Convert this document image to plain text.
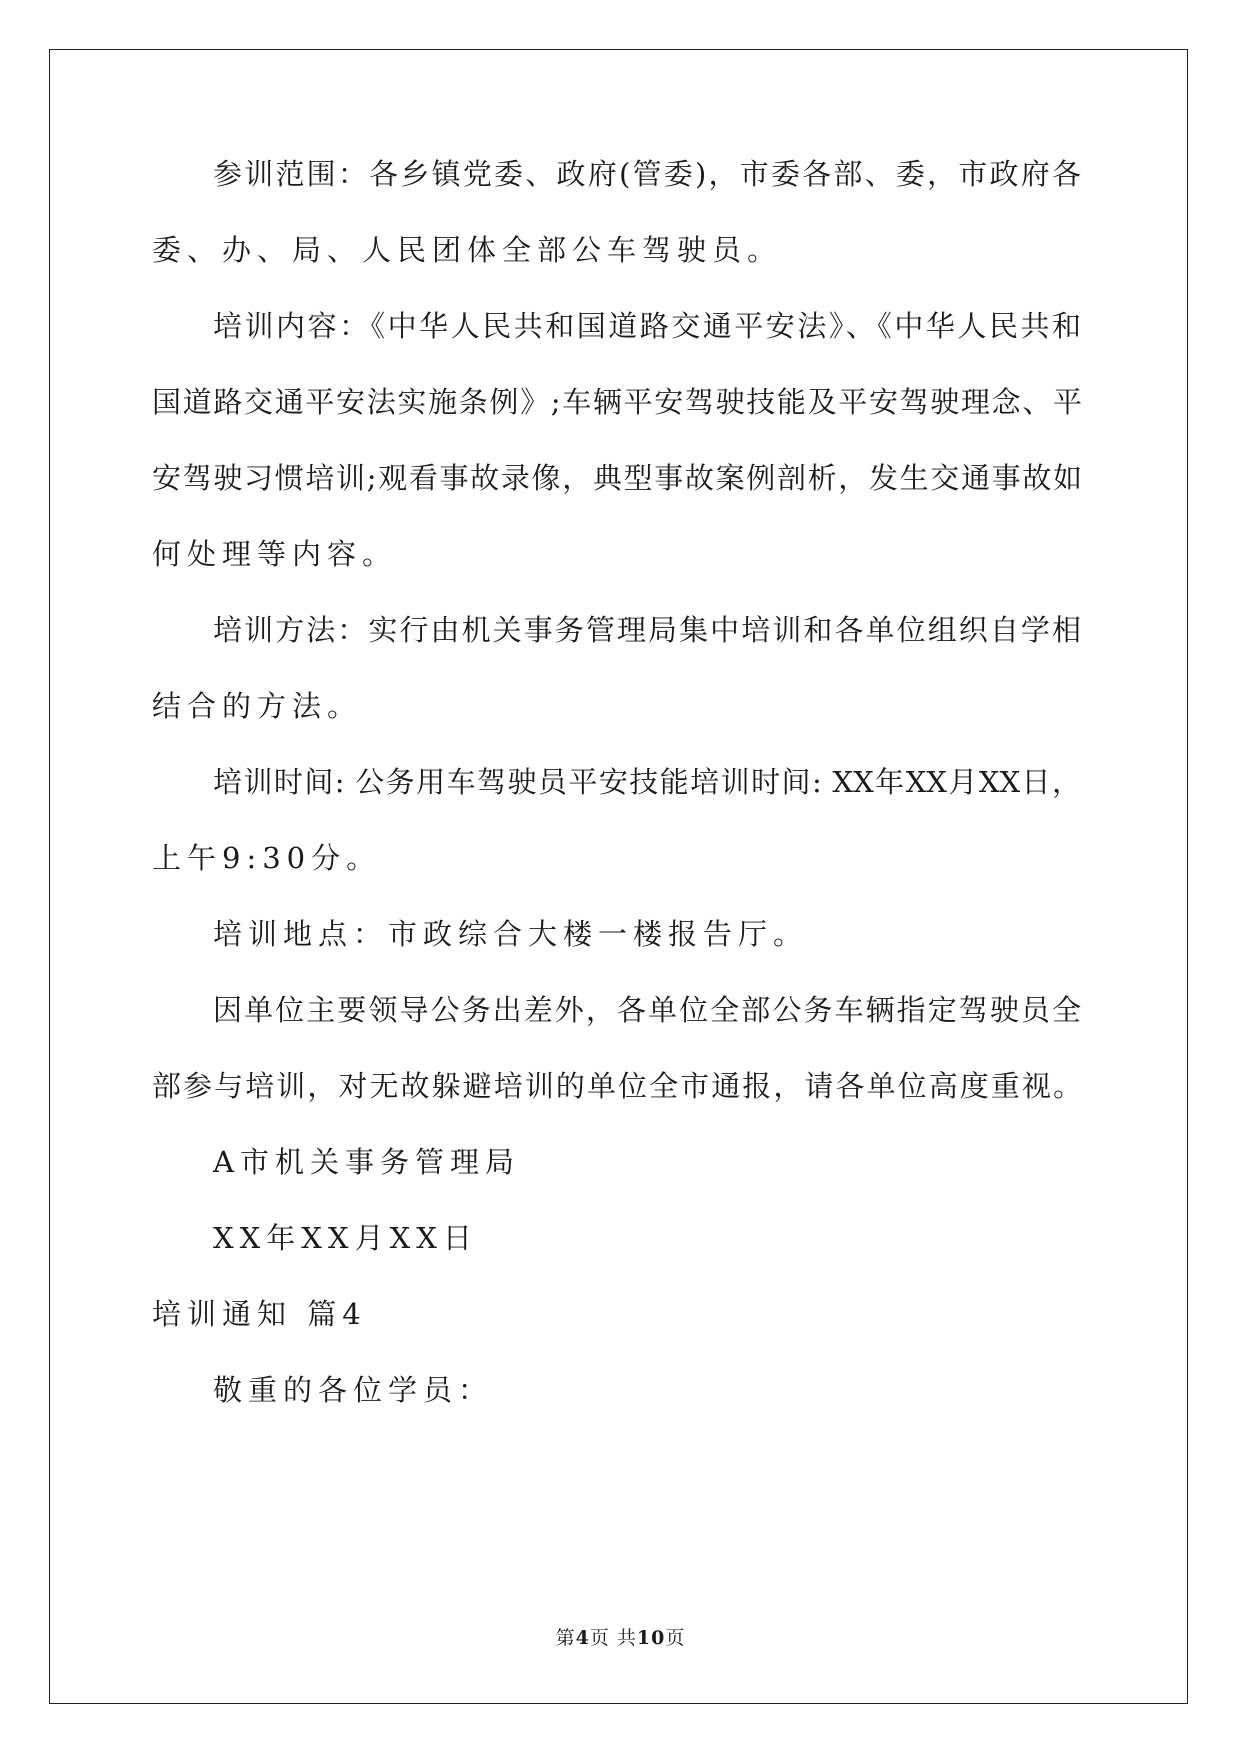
参训范围：各乡镇党委、政府(管委)，市委各部、委，市政府各
委、办、局、人民团体全部公车驾驶员。
培训内容：《中华人民共和国道路交通平安法》、《中华人民共和
国道路交通平安法实施条例》;车辆平安驾驶技能及平安驾驶理念、平
安驾驶习惯培训;观看事故录像，典型事故案例剖析，发生交通事故如
何处理等内容。
培训方法：实行由机关事务管理局集中培训和各单位组织自学相
结合的方法。
培训时间: 公务用车驾驶员平安技能培训时间: XX年XX月XX日，
上午9:30分。
培训地点：市政综合大楼一楼报告厅。
因单位主要领导公务出差外，各单位全部公务车辆指定驾驶员全
部参与培训，对无故躲避培训的单位全市通报，请各单位高度重视。
A市机关事务管理局
XX年XX月XX日
培训通知 篇4
敬重的各位学员：
第4页 共10页
